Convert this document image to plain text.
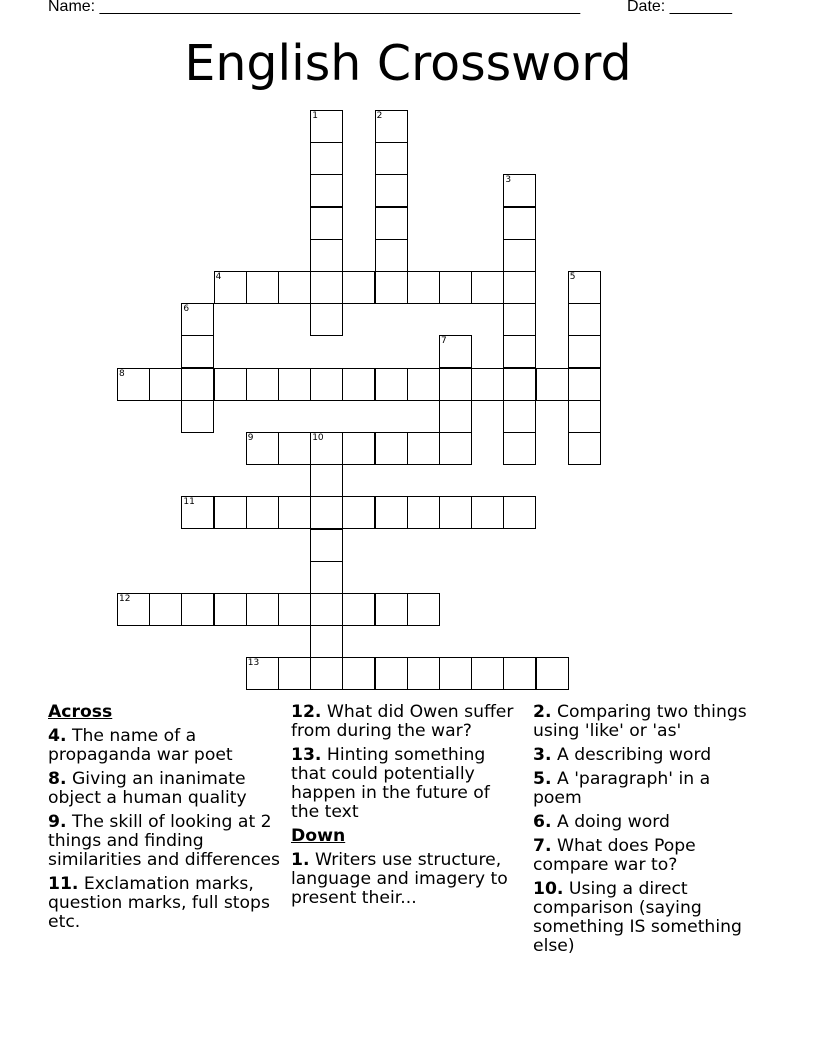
Name: ______________________________________________________	Date: _______
English Crossword
1	2
3
4	5
6
7
8
9	10
11
12
13
Across
4. The name of a propaganda war poet
8. Giving an inanimate object a human quality
9. The skill of looking at 2 things and finding similarities and differences
11. Exclamation marks, question marks, full stops etc.
12. What did Owen suffer from during the war?
13. Hinting something that could potentially happen in the future of the text
Down
1. Writers use structure, language and imagery to present their...
2. Comparing two things using 'like' or 'as'
3. A describing word
5. A 'paragraph' in a poem
6. A doing word
7. What does Pope compare war to?
10. Using a direct comparison (saying something IS something else)
